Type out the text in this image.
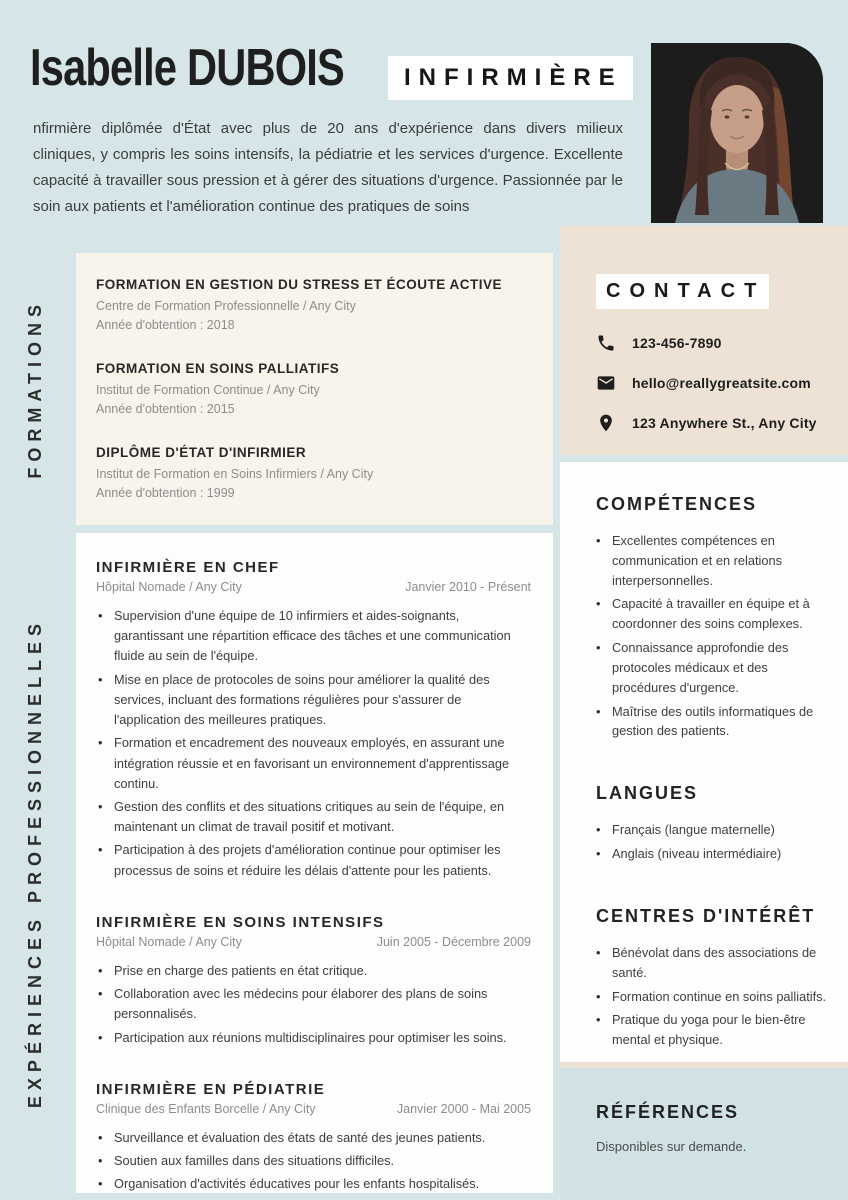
Isabelle DUBOIS	INFIRMIÈRE

nfirmière diplômée d'État avec plus de 20 ans d'expérience dans divers milieux cliniques, y compris les soins intensifs, la pédiatrie et les services d'urgence. Excellente capacité à travailler sous pression et à gérer des situations d'urgence. Passionnée par le soin aux patients et l'amélioration continue des pratiques de soins

FORMATIONS
EXPÉRIENCES PROFESSIONNELLES
FORMATION EN GESTION DU STRESS ET ÉCOUTE ACTIVE
Centre de Formation Professionnelle / Any City
Année d'obtention : 2018
FORMATION EN SOINS PALLIATIFS
Institut de Formation Continue / Any City
Année d'obtention : 2015
DIPLÔME D'ÉTAT D'INFIRMIER
Institut de Formation en Soins Infirmiers / Any City
Année d'obtention : 1999
INFIRMIÈRE EN CHEF
Hôpital Nomade / Any City	Janvier 2010 - Présent
• Supervision d'une équipe de 10 infirmiers et aides-soignants, garantissant une répartition efficace des tâches et une communication fluide au sein de l'équipe.
• Mise en place de protocoles de soins pour améliorer la qualité des services, incluant des formations régulières pour s'assurer de l'application des meilleures pratiques.
• Formation et encadrement des nouveaux employés, en assurant une intégration réussie et en favorisant un environnement d'apprentissage continu.
• Gestion des conflits et des situations critiques au sein de l'équipe, en maintenant un climat de travail positif et motivant.
• Participation à des projets d'amélioration continue pour optimiser les processus de soins et réduire les délais d'attente pour les patients.
INFIRMIÈRE EN SOINS INTENSIFS
Hôpital Nomade / Any City	Juin 2005 - Décembre 2009
• Prise en charge des patients en état critique.
• Collaboration avec les médecins pour élaborer des plans de soins personnalisés.
• Participation aux réunions multidisciplinaires pour optimiser les soins.
INFIRMIÈRE EN PÉDIATRIE
Clinique des Enfants Borcelle / Any City	Janvier 2000 - Mai 2005
• Surveillance et évaluation des états de santé des jeunes patients.
• Soutien aux familles dans des situations difficiles.
• Organisation d'activités éducatives pour les enfants hospitalisés.
CONTACT
123-456-7890
hello@reallygreatsite.com
123 Anywhere St., Any City
COMPÉTENCES
• Excellentes compétences en communication et en relations interpersonnelles.
• Capacité à travailler en équipe et à coordonner des soins complexes.
• Connaissance approfondie des protocoles médicaux et des procédures d'urgence.
• Maîtrise des outils informatiques de gestion des patients.
LANGUES
• Français (langue maternelle)
• Anglais (niveau intermédiaire)
CENTRES D'INTÉRÊT
• Bénévolat dans des associations de santé.
• Formation continue en soins palliatifs.
• Pratique du yoga pour le bien-être mental et physique.
RÉFÉRENCES
Disponibles sur demande.
